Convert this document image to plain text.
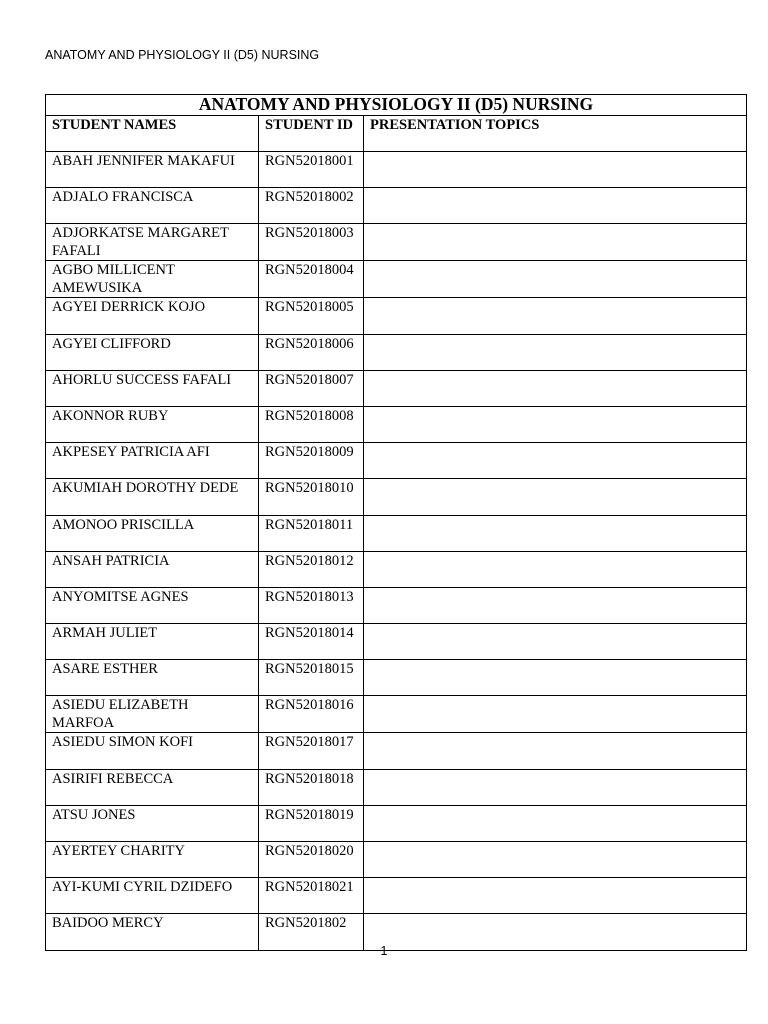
ANATOMY AND PHYSIOLOGY II (D5) NURSING
ANATOMY AND PHYSIOLOGY II (D5) NURSING		
STUDENT NAMES	STUDENT ID	PRESENTATION TOPICS
ABAH JENNIFER MAKAFUI	RGN52018001	
ADJALO FRANCISCA	RGN52018002	
ADJORKATSE MARGARET FAFALI	RGN52018003	
AGBO MILLICENT AMEWUSIKA	RGN52018004	
AGYEI DERRICK KOJO	RGN52018005	
AGYEI CLIFFORD	RGN52018006	
AHORLU SUCCESS FAFALI	RGN52018007	
AKONNOR RUBY	RGN52018008	
AKPESEY PATRICIA AFI	RGN52018009	
AKUMIAH DOROTHY DEDE	RGN52018010	
AMONOO PRISCILLA	RGN52018011	
ANSAH PATRICIA	RGN52018012	
ANYOMITSE AGNES	RGN52018013	
ARMAH JULIET	RGN52018014	
ASARE ESTHER	RGN52018015	
ASIEDU ELIZABETH MARFOA	RGN52018016	
ASIEDU SIMON KOFI	RGN52018017	
ASIRIFI REBECCA	RGN52018018	
ATSU JONES	RGN52018019	
AYERTEY CHARITY	RGN52018020	
AYI-KUMI CYRIL DZIDEFO	RGN52018021	
BAIDOO MERCY	RGN5201802	
1
